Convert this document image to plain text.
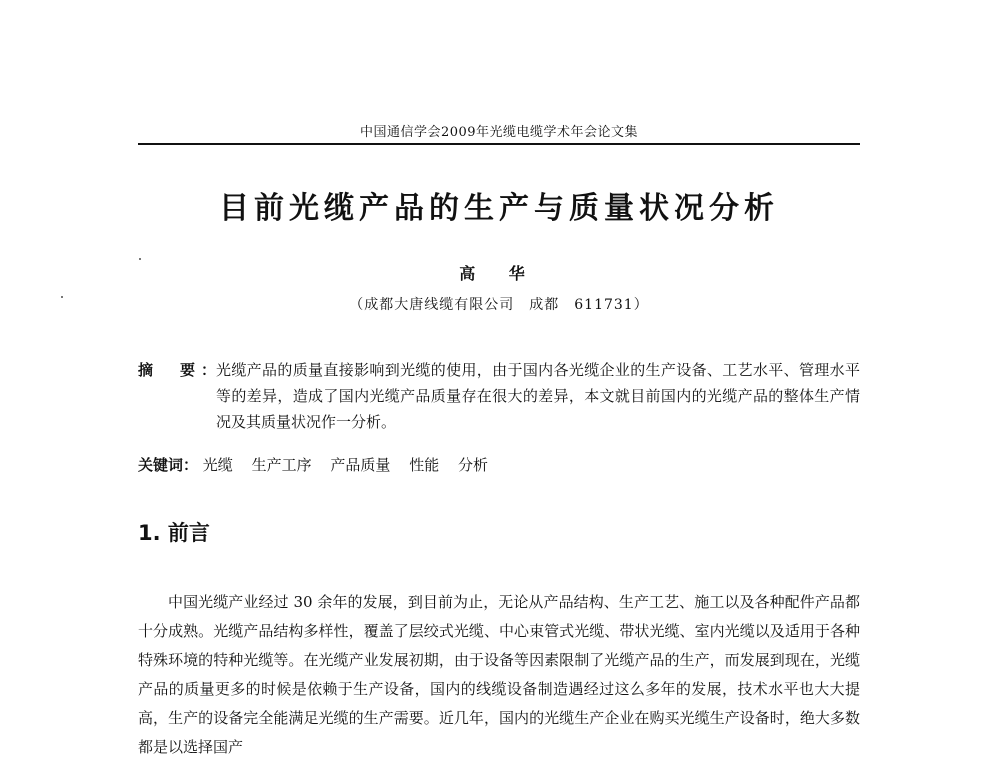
中国通信学会2009年光缆电缆学术年会论文集
目前光缆产品的生产与质量状况分析
高 华
（成都大唐线缆有限公司　成都　611731）
摘　要：
光缆产品的质量直接影响到光缆的使用，由于国内各光缆企业的生产设备、工艺水平、管理水平等的差异，造成了国内光缆产品质量存在很大的差异，本文就目前国内的光缆产品的整体生产情况及其质量状况作一分析。
关键词： 光缆 生产工序 产品质量 性能 分析
1. 前言
中国光缆产业经过 30 余年的发展，到目前为止，无论从产品结构、生产工艺、施工以及各种配件产品都十分成熟。光缆产品结构多样性，覆盖了层绞式光缆、中心束管式光缆、带状光缆、室内光缆以及适用于各种特殊环境的特种光缆等。在光缆产业发展初期，由于设备等因素限制了光缆产品的生产，而发展到现在，光缆产品的质量更多的时候是依赖于生产设备，国内的线缆设备制造遇经过这么多年的发展，技术水平也大大提高，生产的设备完全能满足光缆的生产需要。近几年，国内的光缆生产企业在购买光缆生产设备时，绝大多数都是以选择国产
